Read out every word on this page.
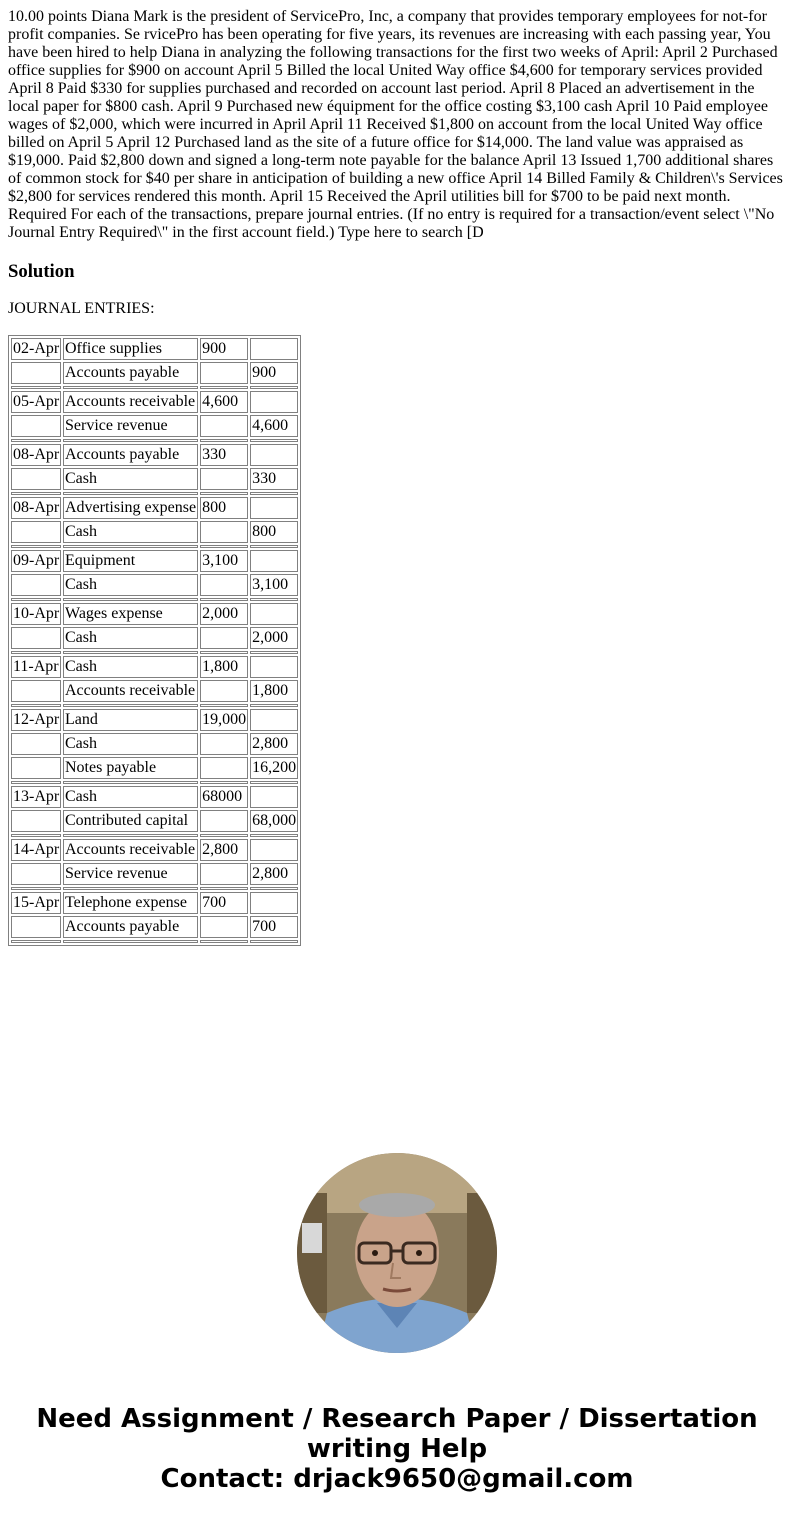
10.00 points Diana Mark is the president of ServicePro, Inc, a company that provides temporary employees for not-for profit companies. Se rvicePro has been operating for five years, its revenues are increasing with each passing year, You have been hired to help Diana in analyzing the following transactions for the first two weeks of April: April 2 Purchased office supplies for $900 on account April 5 Billed the local United Way office $4,600 for temporary services provided April 8 Paid $330 for supplies purchased and recorded on account last period. April 8 Placed an advertisement in the local paper for $800 cash. April 9 Purchased new équipment for the office costing $3,100 cash April 10 Paid employee wages of $2,000, which were incurred in April April 11 Received $1,800 on account from the local United Way office billed on April 5 April 12 Purchased land as the site of a future office for $14,000. The land value was appraised as $19,000. Paid $2,800 down and signed a long-term note payable for the balance April 13 Issued 1,700 additional shares of common stock for $40 per share in anticipation of building a new office April 14 Billed Family & Children\'s Services $2,800 for services rendered this month. April 15 Received the April utilities bill for $700 to be paid next month. Required For each of the transactions, prepare journal entries. (If no entry is required for a transaction/event select \"No Journal Entry Required\" in the first account field.) Type here to search [D

Solution

JOURNAL ENTRIES:

02-Apr	Office supplies	900	
	Accounts payable		900

05-Apr	Accounts receivable	4,600	
	Service revenue		4,600

08-Apr	Accounts payable	330	
	Cash		330

08-Apr	Advertising expense	800	
	Cash		800

09-Apr	Equipment	3,100	
	Cash		3,100

10-Apr	Wages expense	2,000	
	Cash		2,000

11-Apr	Cash	1,800	
	Accounts receivable		1,800

12-Apr	Land	19,000	
	Cash		2,800
	Notes payable		16,200

13-Apr	Cash	68000	
	Contributed capital		68,000

14-Apr	Accounts receivable	2,800	
	Service revenue		2,800

15-Apr	Telephone expense	700	
	Accounts payable		700

Need Assignment / Research Paper / Dissertation
writing Help
Contact: drjack9650@gmail.com
